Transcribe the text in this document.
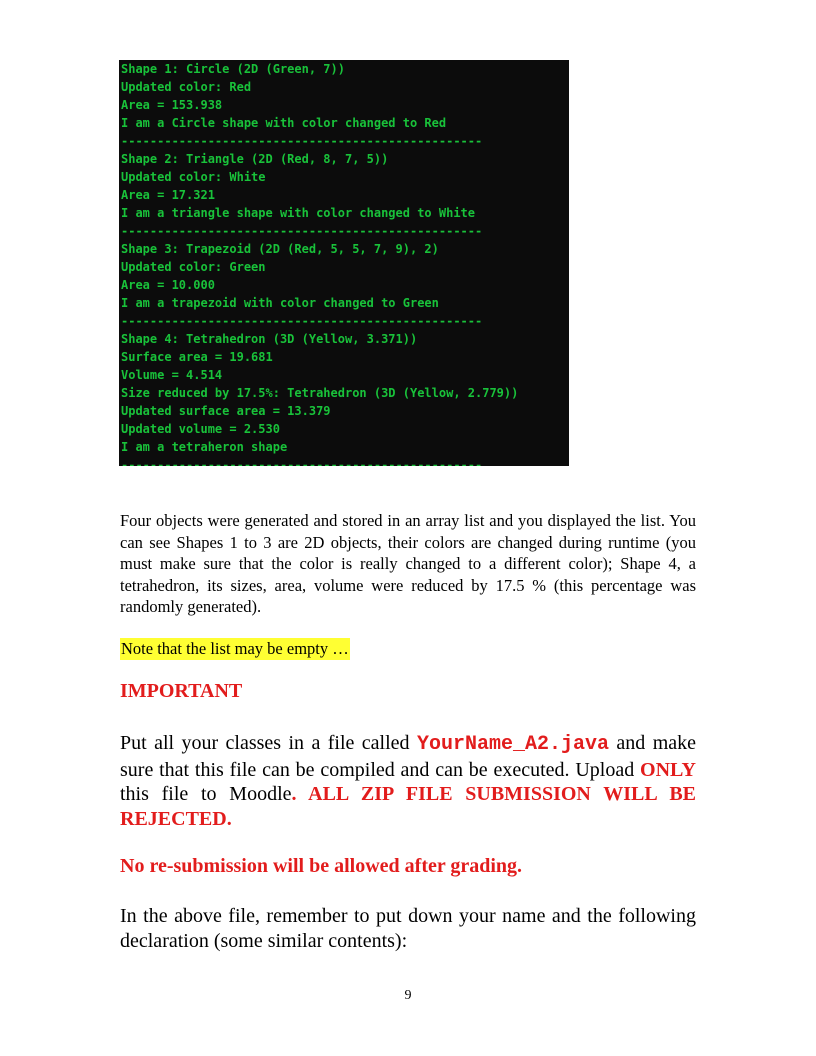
Shape 1: Circle (2D (Green, 7))
Updated color: Red
Area = 153.938
I am a Circle shape with color changed to Red
--------------------------------------------------
Shape 2: Triangle (2D (Red, 8, 7, 5))
Updated color: White
Area = 17.321
I am a triangle shape with color changed to White
--------------------------------------------------
Shape 3: Trapezoid (2D (Red, 5, 5, 7, 9), 2)
Updated color: Green
Area = 10.000
I am a trapezoid with color changed to Green
--------------------------------------------------
Shape 4: Tetrahedron (3D (Yellow, 3.371))
Surface area = 19.681
Volume = 4.514
Size reduced by 17.5%: Tetrahedron (3D (Yellow, 2.779))
Updated surface area = 13.379
Updated volume = 2.530
I am a tetraheron shape
--------------------------------------------------

Four objects were generated and stored in an array list and you displayed the list. You can see Shapes 1 to 3 are 2D objects, their colors are changed during runtime (you must make sure that the color is really changed to a different color); Shape 4, a tetrahedron, its sizes, area, volume were reduced by 17.5 % (this percentage was randomly generated).

Note that the list may be empty …

IMPORTANT

Put all your classes in a file called YourName_A2.java and make sure that this file can be compiled and can be executed. Upload ONLY this file to Moodle. ALL ZIP FILE SUBMISSION WILL BE REJECTED.

No re-submission will be allowed after grading.

In the above file, remember to put down your name and the following declaration (some similar contents):

9
